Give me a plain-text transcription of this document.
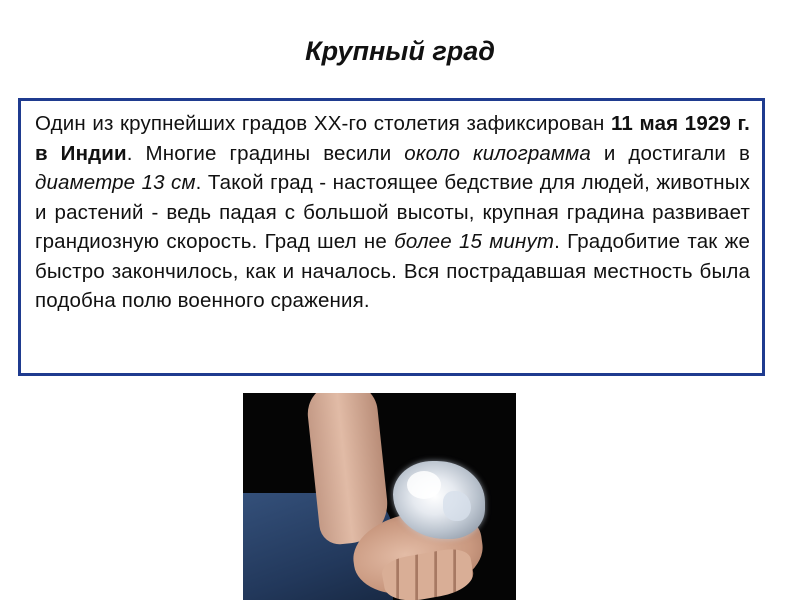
Крупный град

Один из крупнейших градов XX-го столетия зафиксирован 11 мая 1929 г. в Индии. Многие градины весили около килограмма и достигали в диаметре 13 см. Такой град - настоящее бедствие для людей, животных и растений - ведь падая с большой высоты, крупная градина развивает грандиозную скорость. Град шел не более 15 минут. Градобитие так же быстро закончилось, как и началось. Вся пострадавшая местность была подобна полю военного сражения.
